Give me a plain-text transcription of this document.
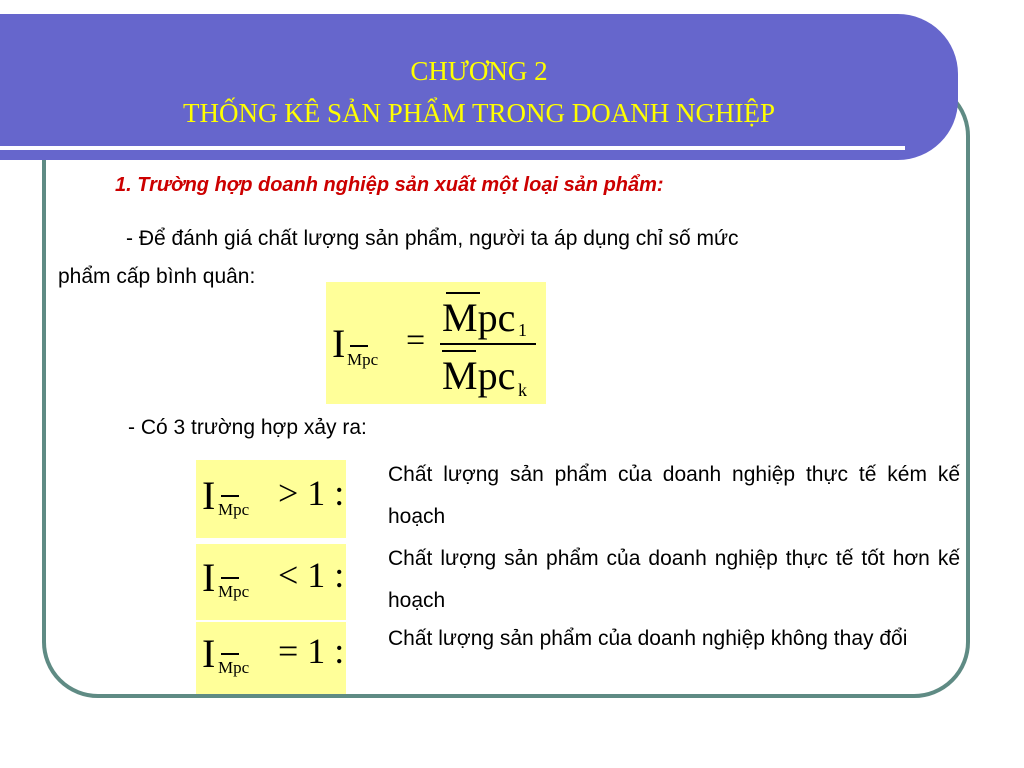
CHƯƠNG 2
THỐNG KÊ SẢN PHẨM TRONG DOANH NGHIỆP
1. Trường hợp doanh nghiệp sản xuất một loại sản phẩm:
- Để đánh giá chất lượng sản phẩm, người ta áp dụng chỉ số mức
phẩm cấp bình quân:
I Mpc
=
Mpc 1
Mpc k
- Có 3 trường hợp xảy ra:
I Mpc > 1 : Chất lượng sản phẩm của doanh nghiệp thực tế kém kế hoạch
I Mpc < 1 : Chất lượng sản phẩm của doanh nghiệp thực tế tốt hơn kế hoạch
I Mpc = 1 : Chất lượng sản phẩm của doanh nghiệp không thay đổi
